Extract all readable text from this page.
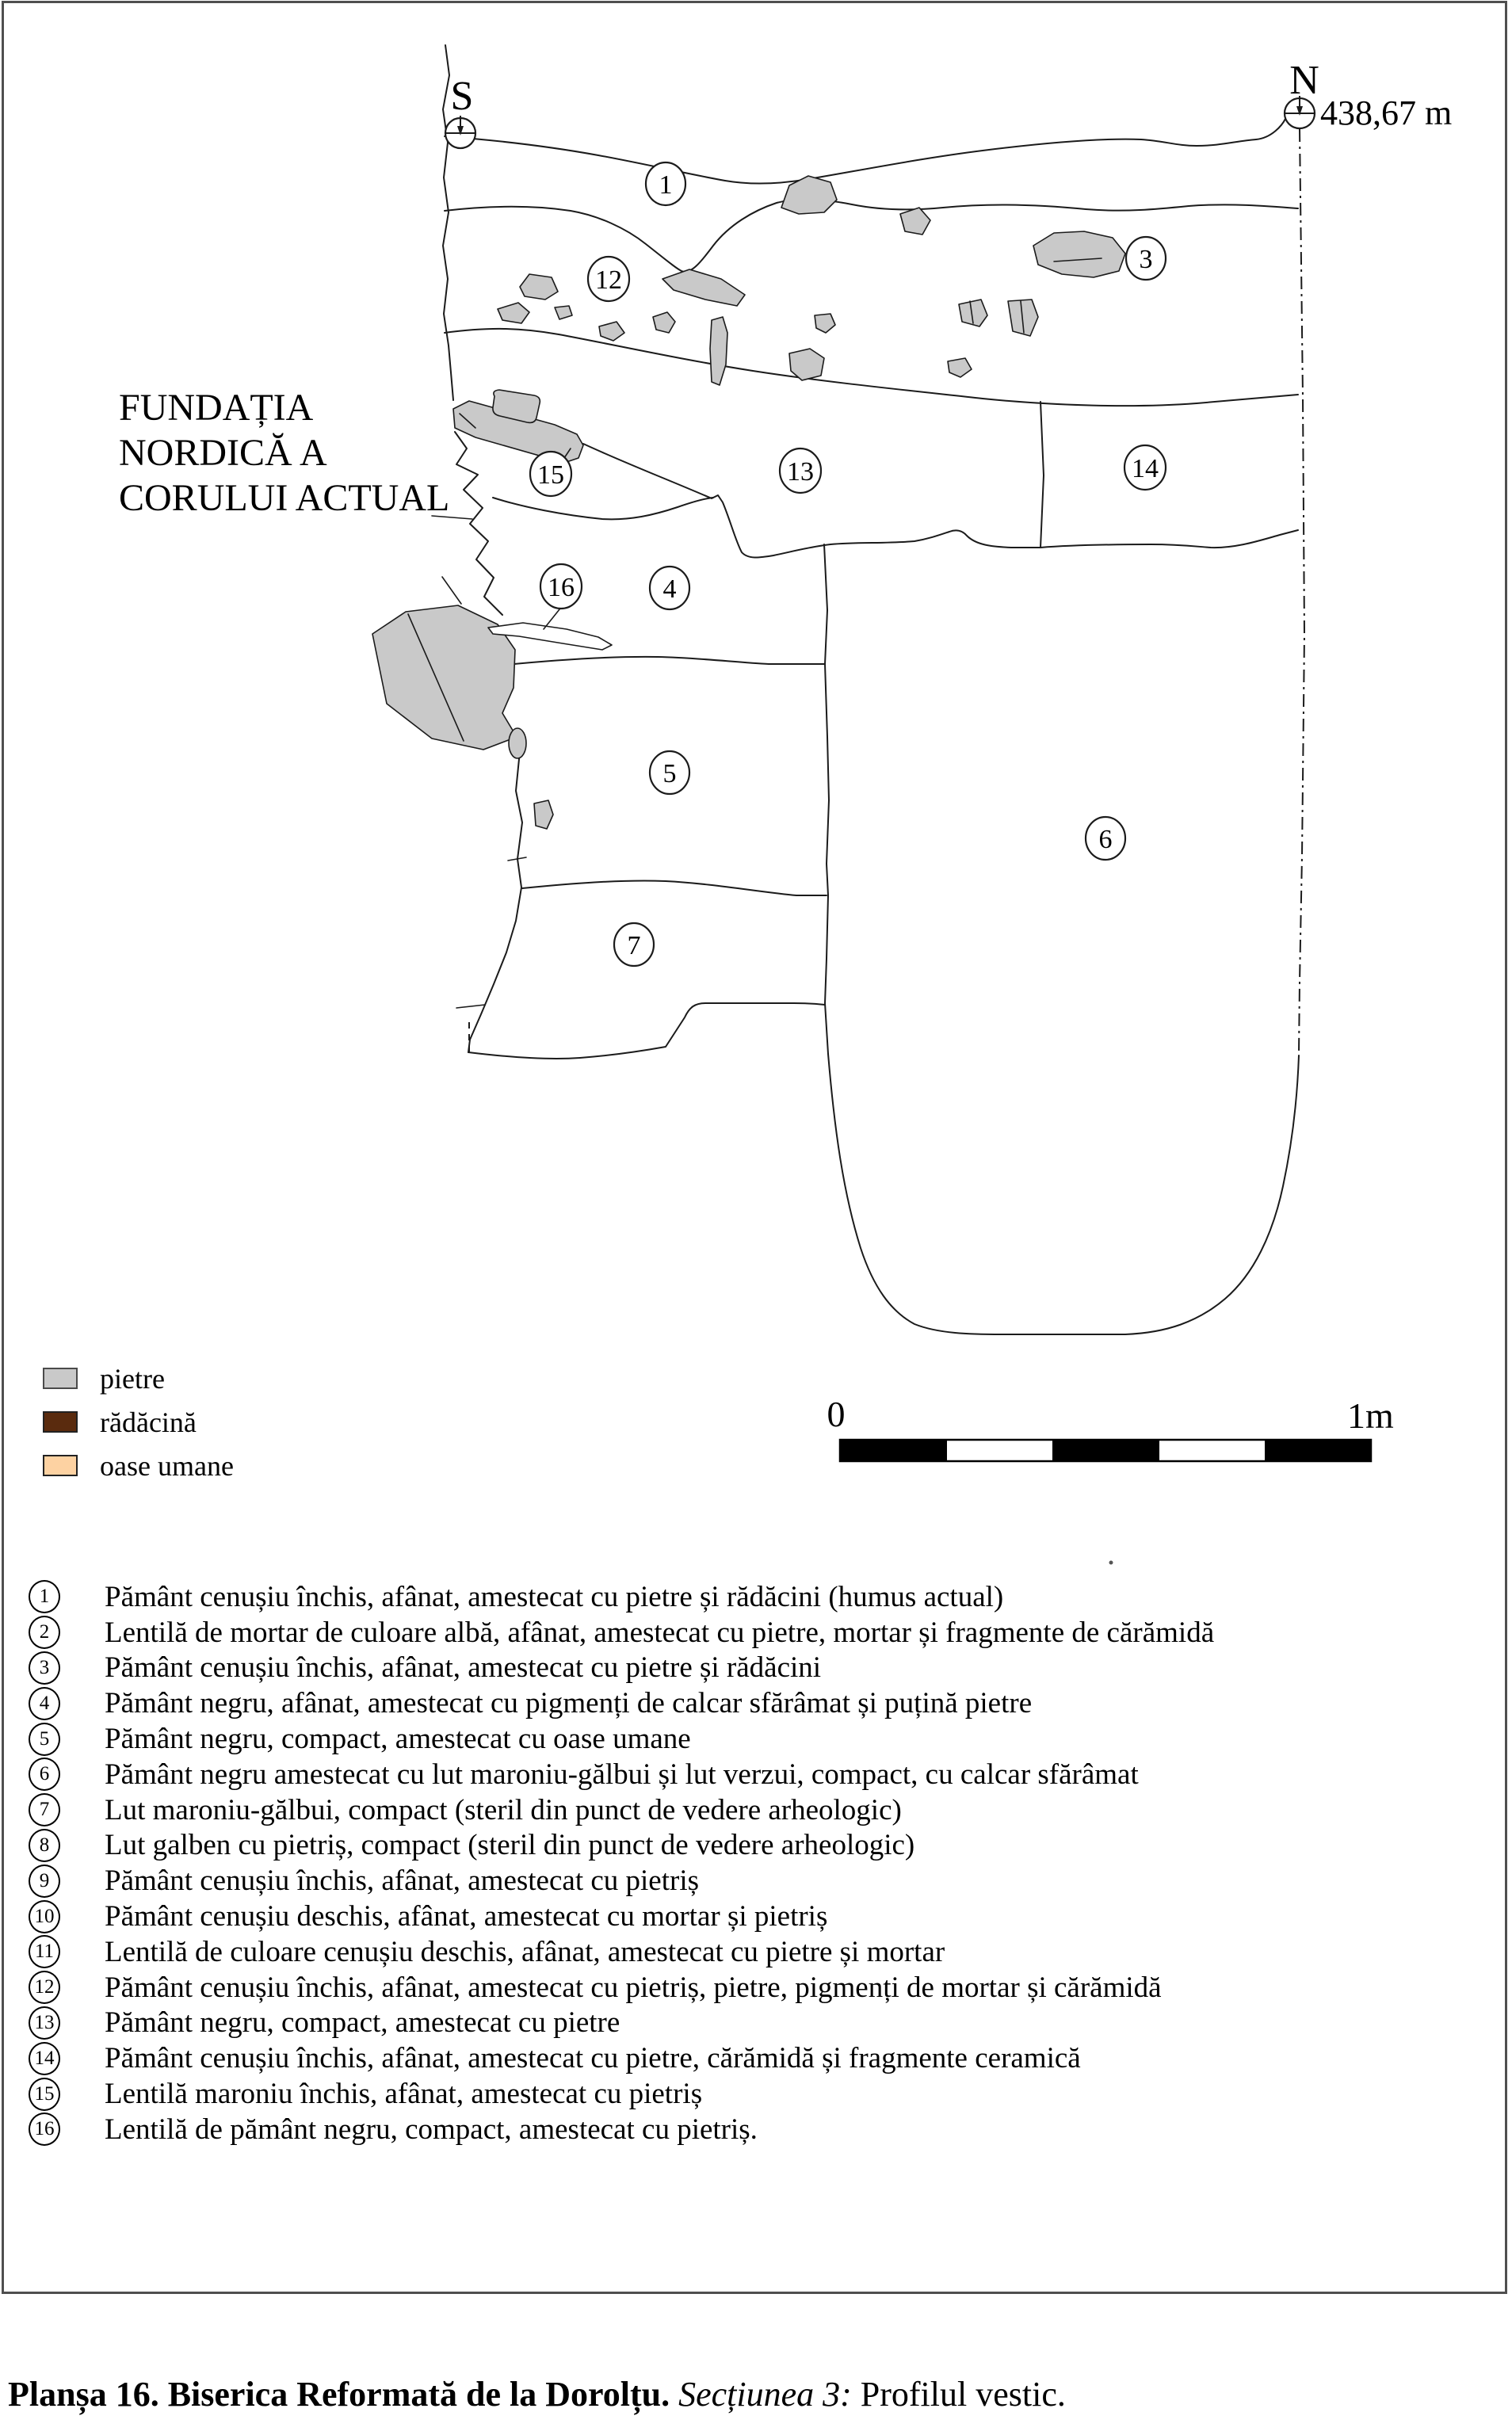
S	N
438,67 m
FUNDAȚIA
NORDICĂ A
CORULUI ACTUAL
1
3
12
15	13	14
16	4
5
6
7
0	1m
pietre
rădăcină
oase umane
1	Pământ cenușiu închis, afânat, amestecat cu pietre și rădăcini (humus actual)
2	Lentilă de mortar de culoare albă, afânat, amestecat cu pietre, mortar și fragmente de cărămidă
3	Pământ cenușiu închis, afânat, amestecat cu pietre și rădăcini
4	Pământ negru, afânat, amestecat cu pigmenți de calcar sfărâmat și puțină pietre
5	Pământ negru, compact, amestecat cu oase umane
6	Pământ negru amestecat cu lut maroniu-gălbui și lut verzui, compact, cu calcar sfărâmat
7	Lut maroniu-gălbui, compact (steril din punct de vedere arheologic)
8	Lut galben cu pietriș, compact (steril din punct de vedere arheologic)
9	Pământ cenușiu închis, afânat, amestecat cu pietriș
10 Pământ cenușiu deschis, afânat, amestecat cu mortar și pietriș
11 Lentilă de culoare cenușiu deschis, afânat, amestecat cu pietre și mortar
12 Pământ cenușiu închis, afânat, amestecat cu pietriș, pietre, pigmenți de mortar și cărămidă
13 Pământ negru, compact, amestecat cu pietre
14 Pământ cenușiu închis, afânat, amestecat cu pietre, cărămidă și fragmente ceramică
15 Lentilă maroniu închis, afânat, amestecat cu pietriș
16 Lentilă de pământ negru, compact, amestecat cu pietriș.
Planșa 16. Biserica Reformată de la Dorolțu. Secțiunea 3: Profilul vestic.
